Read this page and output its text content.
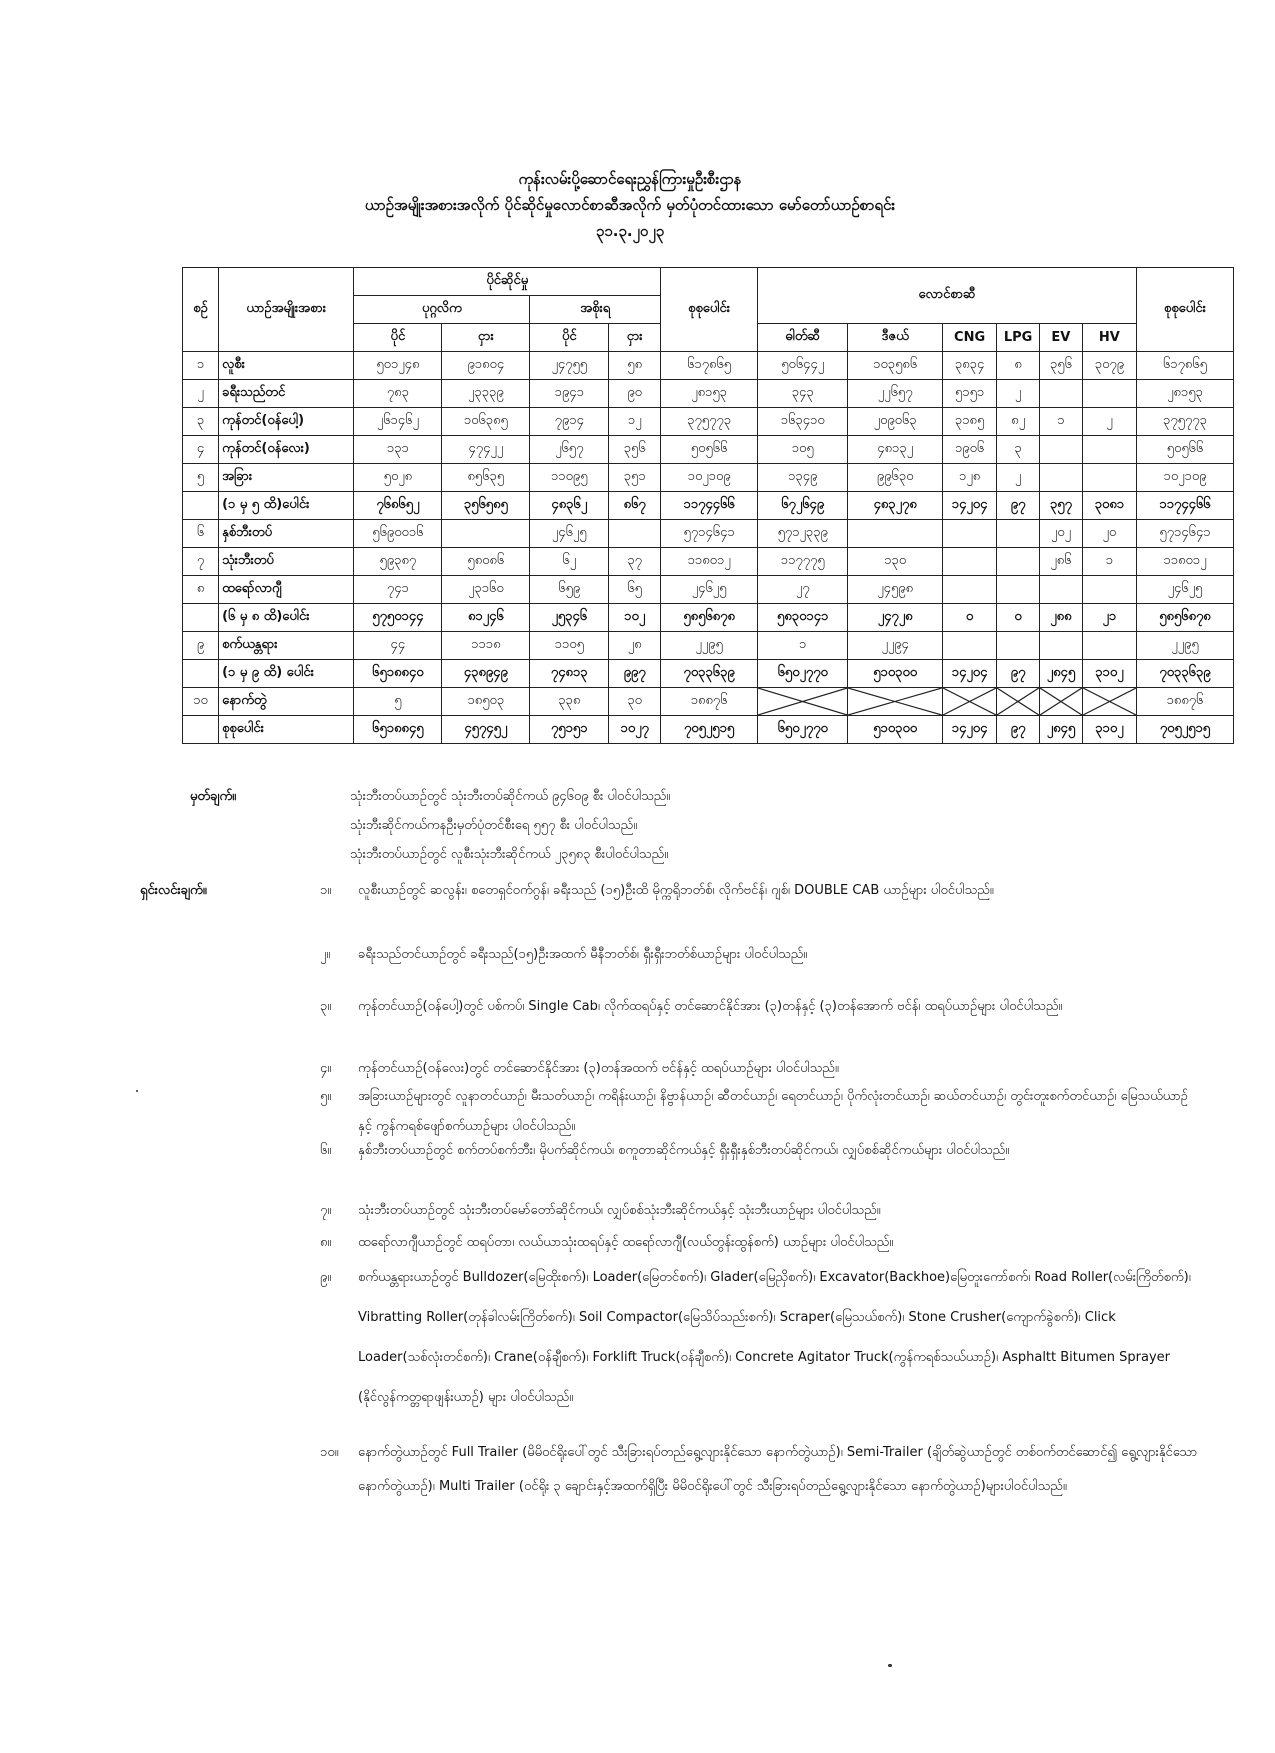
ကုန်းလမ်းပို့ဆောင်ရေးညွှန်ကြားမှုဦးစီးဌာန
ယာဉ်အမျိုးအစားအလိုက် ပိုင်ဆိုင်မှုလောင်စာဆီအလိုက် မှတ်ပုံတင်ထားသော မော်တော်ယာဉ်စာရင်း
၃၁.၃.၂၀၂၃
စဉ်	ယာဉ်အမျိုးအစား	ပိုင်ဆိုင်မှု				စုစုပေါင်း	လောင်စာဆီ						စုစုပေါင်း
		ပုဂ္ဂလိက		အစိုးရ									
		ပိုင်	ငှား	ပိုင်	ငှား		ဓါတ်ဆီ	ဒီဇယ်	CNG	LPG	EV	HV	
၁	လူစီး	၅၀၁၂၄၈	၉၁၈၀၄	၂၄၇၅၅	၅၈	၆၁၇၈၆၅	၅၀၆၄၄၂	၁၀၃၅၈၆	၃၈၃၄	၈	၃၅၆	၃၀၇၉	၆၁၇၈၆၅
၂	ခရီးသည်တင်	၇၈၃	၂၃၃၃၉	၁၉၄၁	၉၀	၂၈၁၅၃	၃၄၃	၂၂၆၅၇	၅၁၅၁	၂			၂၈၁၅၃
၃	ကုန်တင်(ဝန်ပေါ့)	၂၆၁၄၆၂	၁၀၆၃၈၅	၇၉၁၄	၁၂	၃၇၅၇၇၃	၁၆၃၄၁၀	၂၀၉၀၆၃	၃၁၈၅	၈၂	၁	၂	၃၇၅၇၇၃
၄	ကုန်တင်(ဝန်လေး)	၁၃၁	၄၇၄၂၂	၂၆၅၇	၃၅၆	၅၀၅၆၆	၁၀၅	၄၈၁၃၂	၁၉၀၆	၃			၅၀၅၆၆
၅	အခြား	၅၀၂၈	၈၅၆၃၅	၁၁၀၉၅	၃၅၁	၁၀၂၁၀၉	၁၃၄၉	၉၉၆၃၀	၁၂၈	၂			၁၀၂၁၀၉
	(၁ မှ ၅ ထိ)ပေါင်း	၇၆၈၆၅၂	၃၅၆၅၈၅	၄၈၃၆၂	၈၆၇	၁၁၇၄၄၆၆	၆၇၂၆၄၉	၄၈၃၂၇၈	၁၄၂၀၄	၉၇	၃၅၇	၃၀၈၁	၁၁၇၄၄၆၆
၆	နှစ်ဘီးတပ်	၅၆၉၀၀၁၆		၂၄၆၂၅		၅၇၁၄၆၄၁	၅၇၁၂၃၃၉				၂၀၂	၂၀	၅၇၁၄၆၄၁
၇	သုံးဘီးတပ်	၅၉၃၈၇	၅၈၀၈၆	၆၂	၃၇	၁၁၈၀၁၂	၁၁၇၇၇၅	၁၃၀			၂၈၆	၁	၁၁၈၀၁၂
၈	ထရော်လာဂျီ	၇၄၁	၂၃၁၆၀	၆၅၉	၆၅	၂၄၆၂၅	၂၇	၂၄၅၉၈					၂၄၆၂၅
	(၆ မှ ၈ ထိ)ပေါင်း	၅၇၅၀၁၄၄	၈၁၂၄၆	၂၅၃၄၆	၁၀၂	၅၈၅၆၈၇၈	၅၈၃၀၁၄၁	၂၄၇၂၈	၀	၀	၂၈၈	၂၁	၅၈၅၆၈၇၈
၉	စက်ယန္တရား	၄၄	၁၁၁၈	၁၁၀၅	၂၈	၂၂၉၅	၁	၂၂၉၄					၂၂၉၅
	(၁ မှ ၉ ထိ) ပေါင်း	၆၅၁၈၈၄၀	၄၃၈၉၄၉	၇၄၈၁၃	၉၉၇	၇၀၃၃၆၃၉	၆၅၀၂၇၇၀	၅၁၀၃၀၀	၁၄၂၀၄	၉၇	၂၈၄၅	၃၁၀၂	၇၀၃၃၆၃၉
၁၀	နောက်တွဲ	၅	၁၈၅၀၃	၃၃၈	၃၀	၁၈၈၇၆							၁၈၈၇၆
	စုစုပေါင်း	၆၅၁၈၈၄၅	၄၅၇၄၅၂	၇၅၁၅၁	၁၀၂၇	၇၀၅၂၅၁၅	၆၅၀၂၇၇၀	၅၁၀၃၀၀	၁၄၂၀၄	၉၇	၂၈၄၅	၃၁၀၂	၇၀၅၂၅၁၅
မှတ်ချက်။	သုံးဘီးတပ်ယာဉ်တွင် သုံးဘီးတပ်ဆိုင်ကယ် ၉၄၆၀၉ စီး ပါဝင်ပါသည်။
သုံးဘီးဆိုင်ကယ်ကနဦးမှတ်ပုံတင်စီးရေ ၅၅၇ စီး ပါဝင်ပါသည်။
သုံးဘီးတပ်ယာဉ်တွင် လူစီးသုံးဘီးဆိုင်ကယ် ၂၃၅၈၃ စီးပါဝင်ပါသည်။
ရှင်းလင်းချက်။	၁။	လူစီးယာဉ်တွင် ဆလွန်း၊ စတေရှင်ဝက်ဂွန်၊ ခရီးသည် (၁၅)ဦးထိ မိုက္ကရိုဘတ်စ်၊ လိုက်ဗင်န်၊ ဂျစ်၊ DOUBLE CAB ယာဉ်များ ပါဝင်ပါသည်။
၂။	ခရီးသည်တင်ယာဉ်တွင် ခရီးသည်(၁၅)ဦးအထက် မီနီဘတ်စ်၊ ရှီးရှီးဘတ်စ်ယာဉ်များ ပါဝင်ပါသည်။
၃။	ကုန်တင်ယာဉ်(ဝန်ပေါ့)တွင် ပစ်ကပ်၊ Single Cab၊ လိုက်ထရပ်နှင့် တင်ဆောင်နိုင်အား (၃)တန်နှင့် (၃)တန်အောက် ဗင်န်၊ ထရပ်ယာဉ်များ ပါဝင်ပါသည်။
၄။	ကုန်တင်ယာဉ်(ဝန်လေး)တွင် တင်ဆောင်နိုင်အား (၃)တန်အထက် ဗင်န်နှင့် ထရပ်ယာဉ်များ ပါဝင်ပါသည်။
၅။	အခြားယာဉ်များတွင် လူနာတင်ယာဉ်၊ မီးသတ်ယာဉ်၊ ကရိန်းယာဉ်၊ နိဗ္ဗာန်ယာဉ်၊ ဆီတင်ယာဉ်၊ ရေတင်ယာဉ်၊ ပိုက်လုံးတင်ယာဉ်၊ ဆယ်တင်ယာဉ်၊ တွင်းတူးစက်တင်ယာဉ်၊ မြေသယ်ယာဉ်နှင့် ကွန်ကရစ်ဖျော်စက်ယာဉ်များ ပါဝင်ပါသည်။
၆။	နှစ်ဘီးတပ်ယာဉ်တွင် စက်တပ်စက်ဘီး၊ မိုပက်ဆိုင်ကယ်၊ စကူတာဆိုင်ကယ်နှင့် ရှီးရှီးနှစ်ဘီးတပ်ဆိုင်ကယ်၊ လျှပ်စစ်ဆိုင်ကယ်များ ပါဝင်ပါသည်။
၇။	သုံးဘီးတပ်ယာဉ်တွင် သုံးဘီးတပ်မော်တော်ဆိုင်ကယ်၊ လျှပ်စစ်သုံးဘီးဆိုင်ကယ်နှင့် သုံးဘီးယာဉ်များ ပါဝင်ပါသည်။
၈။	ထရော်လာဂျီယာဉ်တွင် ထရပ်တာ၊ လယ်ယာသုံးထရပ်နှင့် ထရော်လာဂျီ(လယ်တွန်းထွန်စက်) ယာဉ်များ ပါဝင်ပါသည်။
၉။	စက်ယန္တရားယာဉ်တွင် Bulldozer(မြေထိုးစက်)၊ Loader(မြေတင်စက်)၊ Glader(မြေညှိစက်)၊ Excavator(Backhoe)မြေတူးကော်စက်၊ Road Roller(လမ်းကြိတ်စက်)၊ Vibratting Roller(တုန်ခါလမ်းကြိတ်စက်)၊ Soil Compactor(မြေသိပ်သည်းစက်)၊ Scraper(မြေသယ်စက်)၊ Stone Crusher(ကျောက်ခွဲစက်)၊ Click Loader(သစ်လုံးတင်စက်)၊ Crane(ဝန်ချီစက်)၊ Forklift Truck(ဝန်ချီစက်)၊ Concrete Agitator Truck(ကွန်ကရစ်သယ်ယာဉ်)၊ Asphaltt Bitumen Sprayer (နိုင်လွန်ကတ္တရာဖျန်းယာဉ်) များ ပါဝင်ပါသည်။
၁၀။	နောက်တွဲယာဉ်တွင် Full Trailer (မိမိဝင်ရိုးပေါ်တွင် သီးခြားရပ်တည်ရွေ့လျားနိုင်သော နောက်တွဲယာဉ်)၊ Semi-Trailer (ချိတ်ဆွဲယာဉ်တွင် တစ်ဝက်တင်ဆောင်၍ ရွေ့လျားနိုင်သော နောက်တွဲယာဉ်)၊ Multi Trailer (ဝင်ရိုး ၃ ချောင်းနှင့်အထက်ရှိပြီး မိမိဝင်ရိုးပေါ်တွင် သီးခြားရပ်တည်ရွေ့လျားနိုင်သော နောက်တွဲယာဉ်)များပါဝင်ပါသည်။
